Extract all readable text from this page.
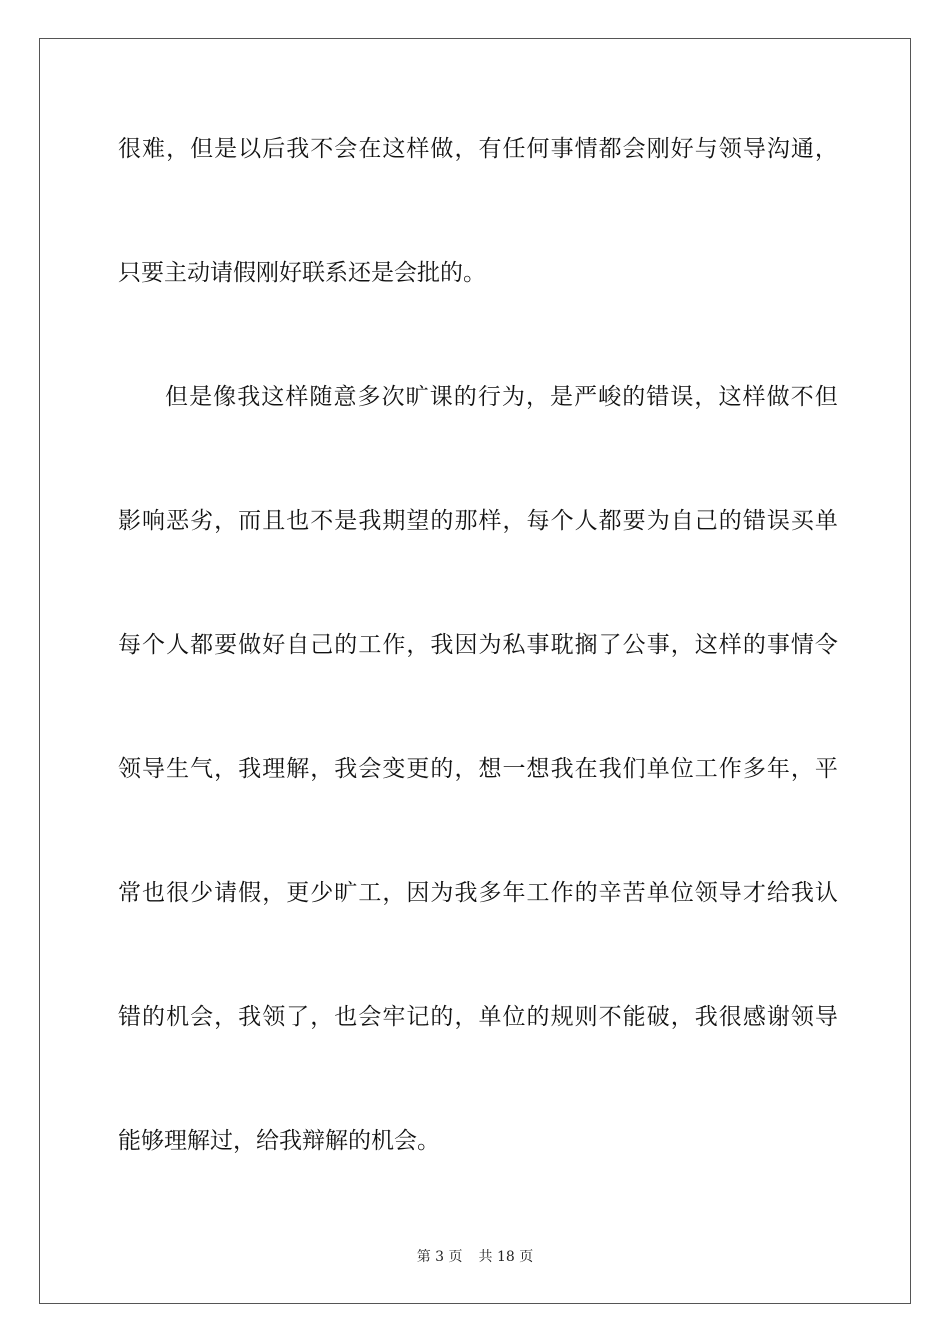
很 难 ， 但 是 以 后 我 不 会 在 这 样 做 ， 有 任 何 事 情 都 会 刚 好 与 领 导 沟 通 ，
只要主动请假刚好联系还是会批的。
但 是 像 我 这 样 随 意 多 次 旷 课 的 行 为 ， 是 严 峻 的 错 误 ， 这 样 做 不 但
影 响 恶 劣 ， 而 且 也 不 是 我 期 望 的 那 样 ， 每 个 人 都 要 为 自 己 的 错 误 买 单
每 个 人 都 要 做 好 自 己 的 工 作 ， 我 因 为 私 事 耽 搁 了 公 事 ， 这 样 的 事 情 令
领 导 生 气 ， 我 理 解 ， 我 会 变 更 的 ， 想 一 想 我 在 我 们 单 位 工 作 多 年 ， 平
常 也 很 少 请 假 ， 更 少 旷 工 ， 因 为 我 多 年 工 作 的 辛 苦 单 位 领 导 才 给 我 认
错 的 机 会 ， 我 领 了 ， 也 会 牢 记 的 ， 单 位 的 规 则 不 能 破 ， 我 很 感 谢 领 导
能够理解过，给我辩解的机会。
第 3 页 共 18 页
